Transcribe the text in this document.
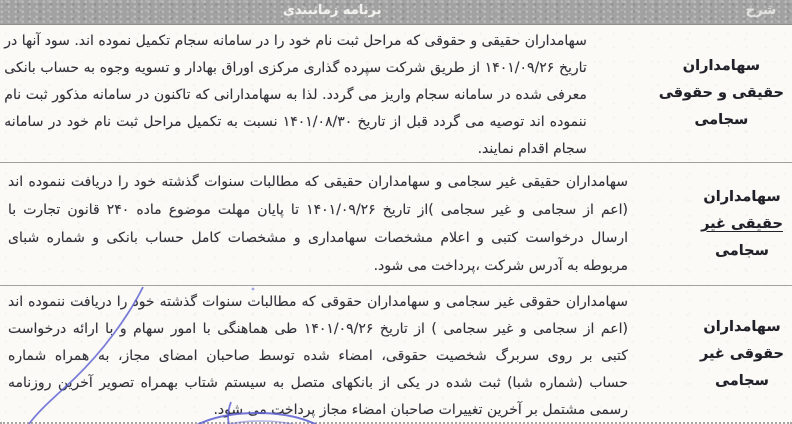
شرح
برنامه زمانبندی
سهامداران
حقیقی و حقوقی
سجامی
سهامداران حقیقی و حقوقی که مراحل ثبت نام خود را در سامانه سجام تکمیل نموده اند. سود آنها در
تاریخ ۱۴۰۱/۰۹/۲۶ از طریق شرکت سپرده گذاری مرکزی اوراق بهادار و تسویه وجوه به حساب بانکی
معرفی شده در سامانه سجام واریز می گردد. لذا به سهامدارانی که تاکنون در سامانه مذکور ثبت نام
ننموده اند توصیه می گردد قبل از تاریخ ۱۴۰۱/۰۸/۳۰ نسبت به تکمیل مراحل ثبت نام خود در سامانه
سجام اقدام نمایند.
سهامداران
حقیقی غیر
سجامی
سهامداران حقیقی غیر سجامی و سهامداران حقیقی که مطالبات سنوات گذشته خود را دریافت ننموده اند
(اعم از سجامی و غیر سجامی )از تاریخ ۱۴۰۱/۰۹/۲۶ تا پایان مهلت موضوع ماده ۲۴۰ قانون تجارت با
ارسال درخواست کتبی و اعلام مشخصات سهامداری و مشخصات کامل حساب بانکی و شماره شبای
مربوطه به آدرس شرکت ،پرداخت می شود.
سهامداران
حقوقی غیر
سجامی
سهامداران حقوقی غیر سجامی و سهامداران حقوقی که مطالبات سنوات گذشته خود را دریافت ننموده اند
(اعم از سجامی و غیر سجامی ) از تاریخ ۱۴۰۱/۰۹/۲۶ طی هماهنگی با امور سهام و با ارائه درخواست
کتبی بر روی سربرگ شخصیت حقوقی، امضاء شده توسط صاحبان امضای مجاز، به همراه شماره
حساب (شماره شبا) ثبت شده در یکی از بانکهای متصل به سیستم شتاب بهمراه تصویر آخرین روزنامه
رسمی مشتمل بر آخرین تغییرات صاحبان امضاء مجاز پرداخت می شود.
